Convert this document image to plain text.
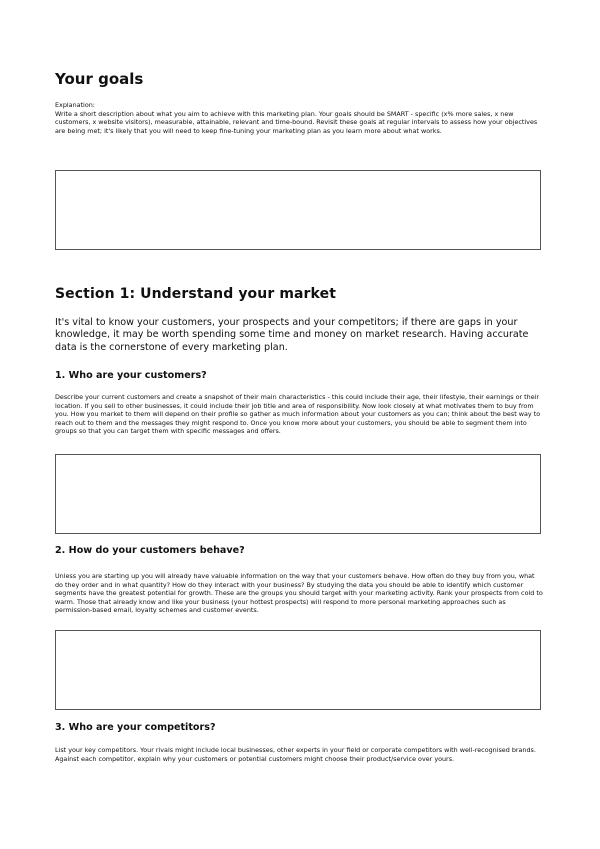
Your goals
Explanation:
Write a short description about what you aim to achieve with this marketing plan. Your goals should be SMART - specific (x% more sales, x new customers, x website visitors), measurable, attainable, relevant and time-bound. Revisit these goals at regular intervals to assess how your objectives are being met; it's likely that you will need to keep fine-tuning your marketing plan as you learn more about what works.
Section 1: Understand your market

It's vital to know your customers, your prospects and your competitors; if there are gaps in your knowledge, it may be worth spending some time and money on market research. Having accurate data is the cornerstone of every marketing plan.

1. Who are your customers?

Describe your current customers and create a snapshot of their main characteristics - this could include their age, their lifestyle, their earnings or their location. If you sell to other businesses, it could include their job title and area of responsibility. Now look closely at what motivates them to buy from you. How you market to them will depend on their profile so gather as much information about your customers as you can; think about the best way to reach out to them and the messages they might respond to. Once you know more about your customers, you should be able to segment them into groups so that you can target them with specific messages and offers.

2. How do your customers behave?

Unless you are starting up you will already have valuable information on the way that your customers behave. How often do they buy from you, what do they order and in what quantity? How do they interact with your business? By studying the data you should be able to identify which customer segments have the greatest potential for growth. These are the groups you should target with your marketing activity. Rank your prospects from cold to warm. Those that already know and like your business (your hottest prospects) will respond to more personal marketing approaches such as permission-based email, loyalty schemes and customer events.

3. Who are your competitors?

List your key competitors. Your rivals might include local businesses, other experts in your field or corporate competitors with well-recognised brands. Against each competitor, explain why your customers or potential customers might choose their product/service over yours.
